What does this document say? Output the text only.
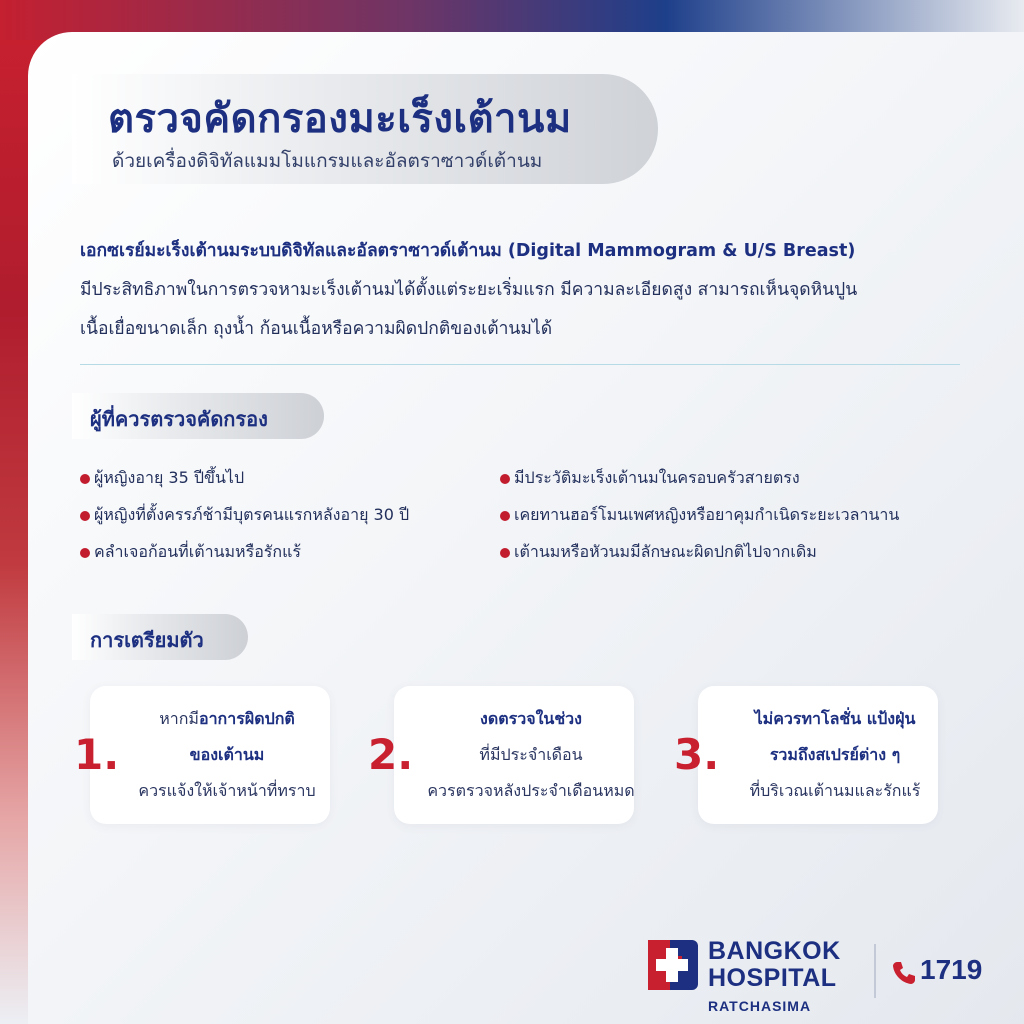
ตรวจคัดกรองมะเร็งเต้านม
ด้วยเครื่องดิจิทัลแมมโมแกรมและอัลตราซาวด์เต้านม

เอกซเรย์มะเร็งเต้านมระบบดิจิทัลและอัลตราซาวด์เต้านม (Digital Mammogram & U/S Breast)

มีประสิทธิภาพในการตรวจหามะเร็งเต้านมได้ตั้งแต่ระยะเริ่มแรก มีความละเอียดสูง สามารถเห็นจุดหินปูน

เนื้อเยื่อขนาดเล็ก ถุงน้ำ ก้อนเนื้อหรือความผิดปกติของเต้านมได้

ผู้ที่ควรตรวจคัดกรอง
ผู้หญิงอายุ 35 ปีขึ้นไป
ผู้หญิงที่ตั้งครรภ์ช้ามีบุตรคนแรกหลังอายุ 30 ปี
คลำเจอก้อนที่เต้านมหรือรักแร้
มีประวัติมะเร็งเต้านมในครอบครัวสายตรง
เคยทานฮอร์โมนเพศหญิงหรือยาคุมกำเนิดระยะเวลานาน
เต้านมหรือหัวนมมีลักษณะผิดปกติไปจากเดิม
การเตรียมตัว
หากมีอาการผิดปกติ
ของเต้านม
ควรแจ้งให้เจ้าหน้าที่ทราบ
1.
งดตรวจในช่วง
ที่มีประจำเดือน
ควรตรวจหลังประจำเดือนหมด
2.
ไม่ควรทาโลชั่น แป้งฝุ่น
รวมถึงสเปรย์ต่าง ๆ
ที่บริเวณเต้านมและรักแร้
3.
BANGKOK
HOSPITAL
RATCHASIMA
1719
